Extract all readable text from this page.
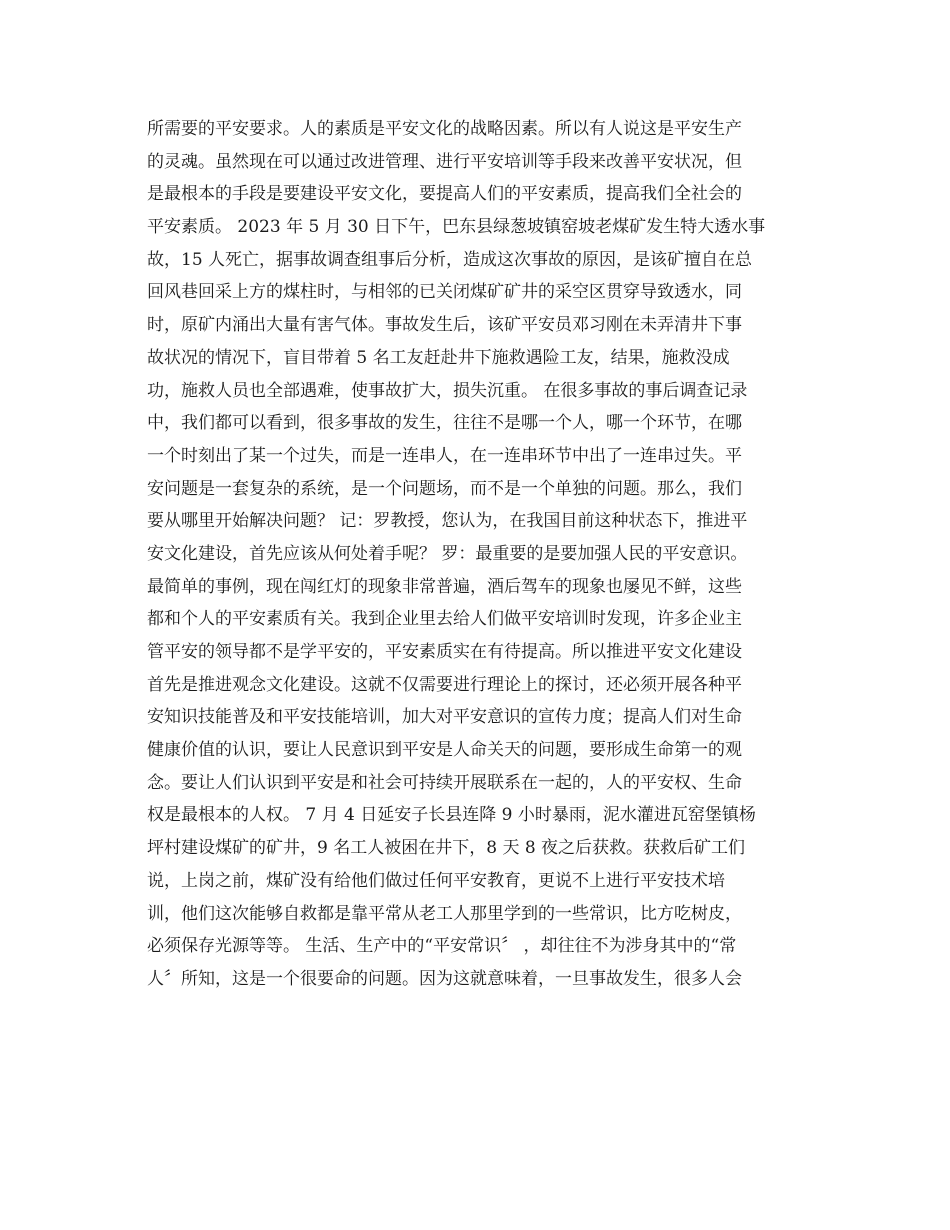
所需要的平安要求。人的素质是平安文化的战略因素。所以有人说这是平安生产
的灵魂。虽然现在可以通过改进管理、进行平安培训等手段来改善平安状况，但
是最根本的手段是要建设平安文化，要提高人们的平安素质，提高我们全社会的
平安素质。 2023 年 5 月 30 日下午，巴东县绿葱坡镇窑坡老煤矿发生特大透水事
故，15 人死亡，据事故调查组事后分析，造成这次事故的原因，是该矿擅自在总
回风巷回采上方的煤柱时，与相邻的已关闭煤矿矿井的采空区贯穿导致透水，同
时，原矿内涌出大量有害气体。事故发生后，该矿平安员邓习刚在未弄清井下事
故状况的情况下，盲目带着 5 名工友赶赴井下施救遇险工友，结果，施救没成
功，施救人员也全部遇难，使事故扩大，损失沉重。 在很多事故的事后调查记录
中，我们都可以看到，很多事故的发生，往往不是哪一个人，哪一个环节，在哪
一个时刻出了某一个过失，而是一连串人，在一连串环节中出了一连串过失。平
安问题是一套复杂的系统，是一个问题场，而不是一个单独的问题。那么，我们
要从哪里开始解决问题？ 记：罗教授，您认为，在我国目前这种状态下，推进平
安文化建设，首先应该从何处着手呢？ 罗：最重要的是要加强人民的平安意识。
最简单的事例，现在闯红灯的现象非常普遍，酒后驾车的现象也屡见不鲜，这些
都和个人的平安素质有关。我到企业里去给人们做平安培训时发现，许多企业主
管平安的领导都不是学平安的，平安素质实在有待提高。所以推进平安文化建设
首先是推进观念文化建设。这就不仅需要进行理论上的探讨，还必须开展各种平
安知识技能普及和平安技能培训，加大对平安意识的宣传力度；提高人们对生命
健康价值的认识，要让人民意识到平安是人命关天的问题，要形成生命第一的观
念。要让人们认识到平安是和社会可持续开展联系在一起的，人的平安权、生命
权是最根本的人权。 7 月 4 日延安子长县连降 9 小时暴雨，泥水灌进瓦窑堡镇杨
坪村建设煤矿的矿井，9 名工人被困在井下，8 天 8 夜之后获救。获救后矿工们
说，上岗之前，煤矿没有给他们做过任何平安教育，更说不上进行平安技术培
训，他们这次能够自救都是靠平常从老工人那里学到的一些常识，比方吃树皮，
必须保存光源等等。 生活、生产中的“平安常识〞 ，却往往不为涉身其中的“常
人〞所知，这是一个很要命的问题。因为这就意味着，一旦事故发生，很多人会
